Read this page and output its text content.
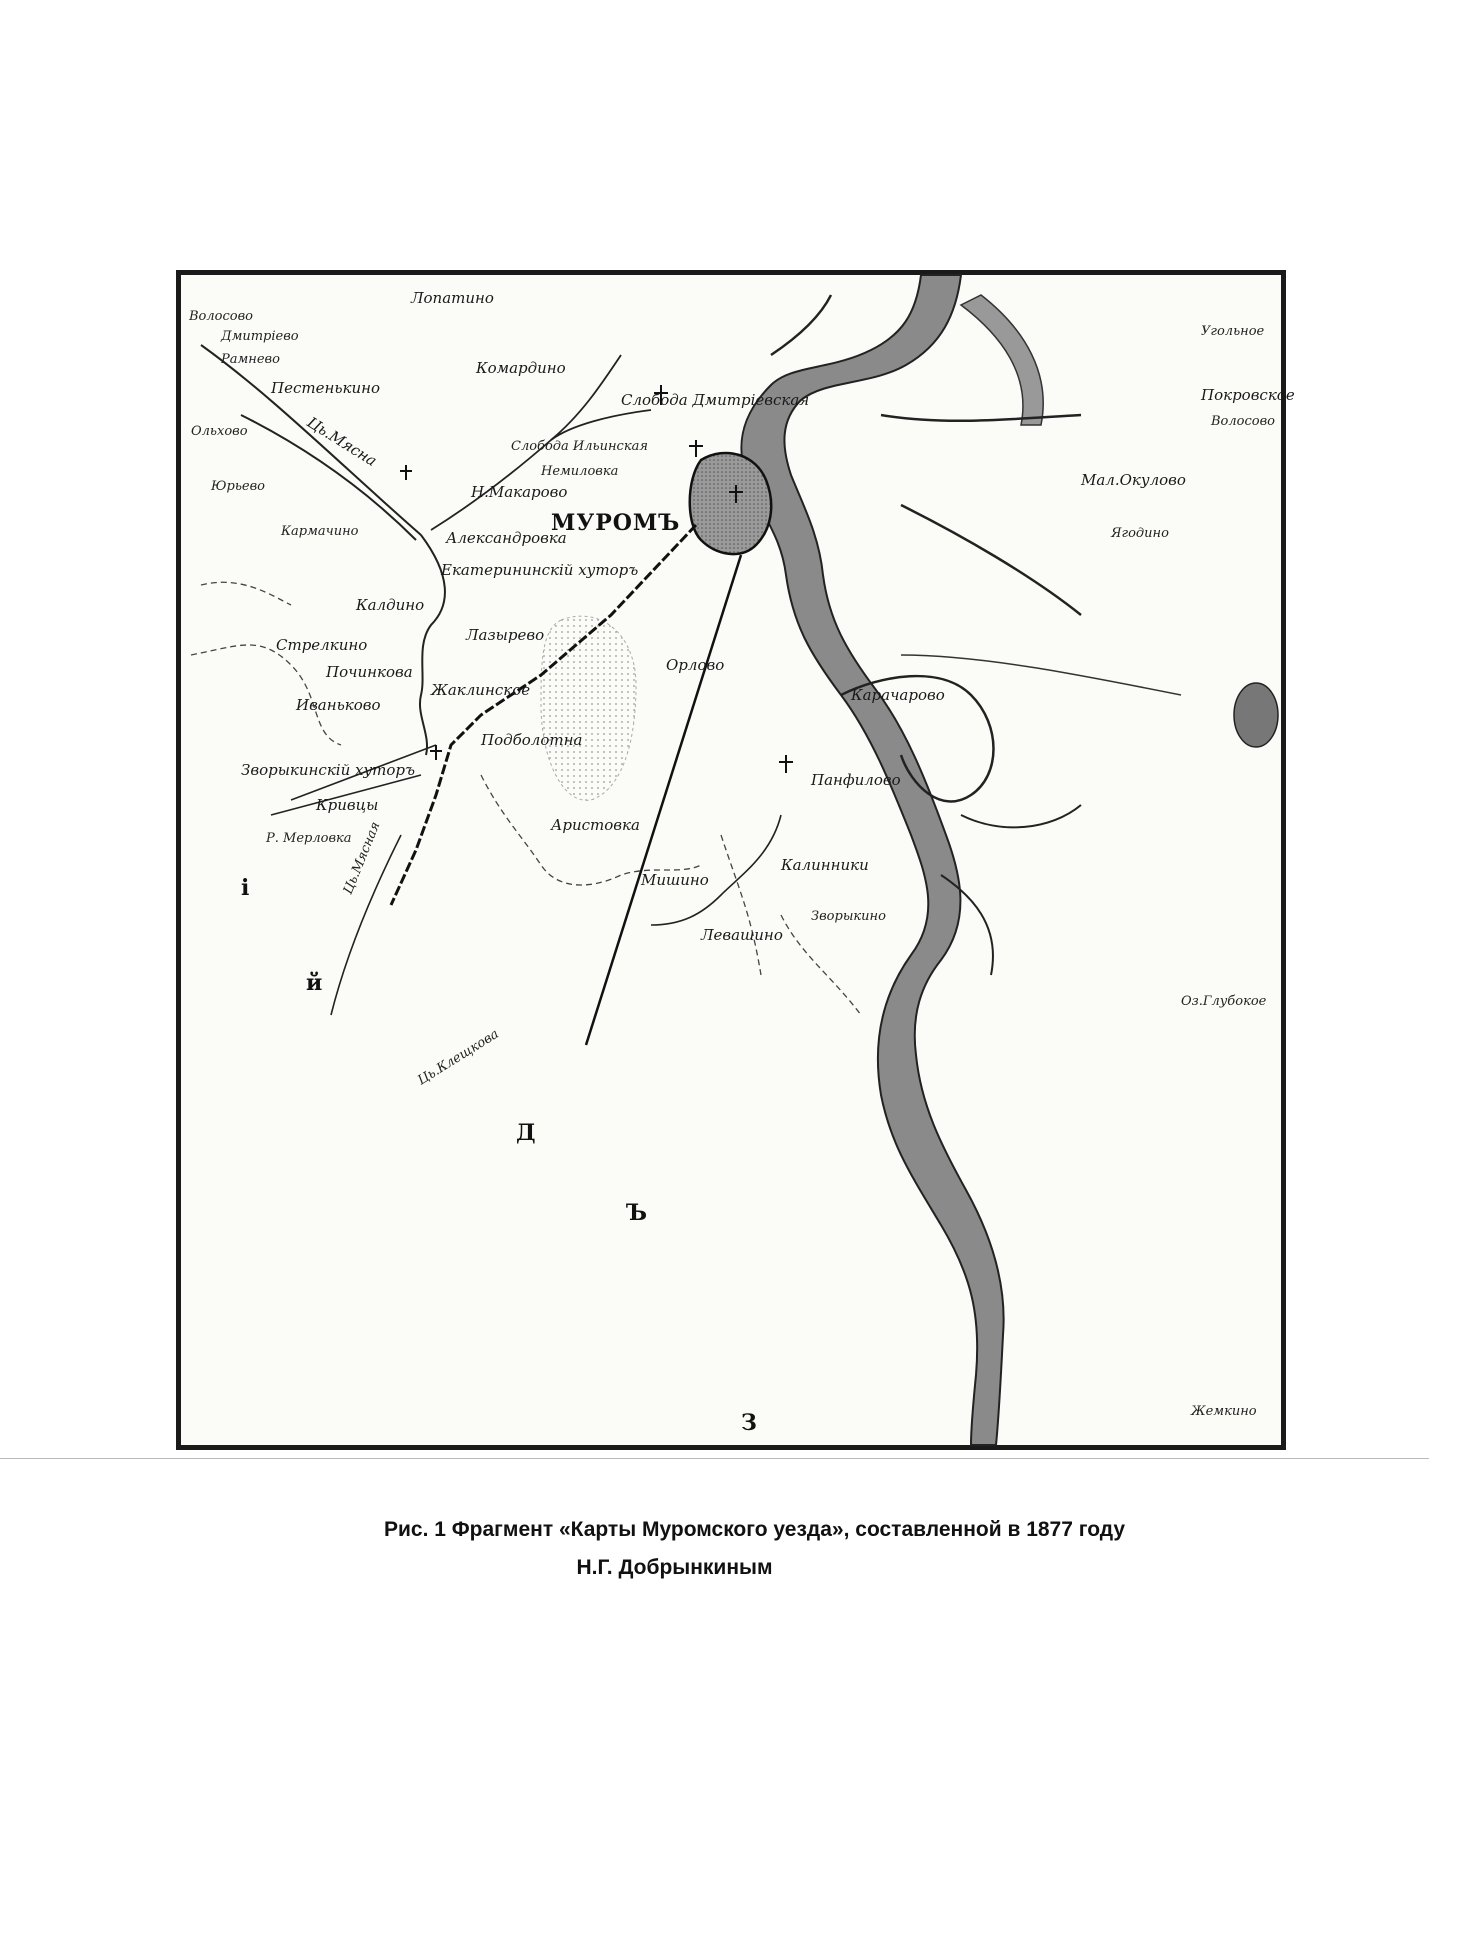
Лопатино
Волосово
Дмитріево
Рамнево
Пестенькино
Комардино
Слобода Дмитріевская
Слобода Ильинская
Немиловка
Н.Макарово
МУРОМЪ
Александровка
Екатерининскій хуторъ
Кармачино
Калдино
Лазырево
Стрелкино
Починкова
Иваньково
Жаклинское
Подболотна
Зворыкинскій хуторъ
Кривцы
Р. Мерловка
Орлово
Карачарово
Панфилово
Аристовка
Калинники
Мишино
Зворыкино
Левашино
Угольное
Покровское
Волосово
Мал.Окулово
Ягодино
Юрьево
Ольхово
Оз.Глубокое
Жемкино
Ць.Мясная
Ць.Клещкова
Ць.Мясна
і
й
Д
Ъ
З
Рис. 1 Фрагмент «Карты Муромского уезда», составленной в 1877 году
Н.Г. Добрынкиным
